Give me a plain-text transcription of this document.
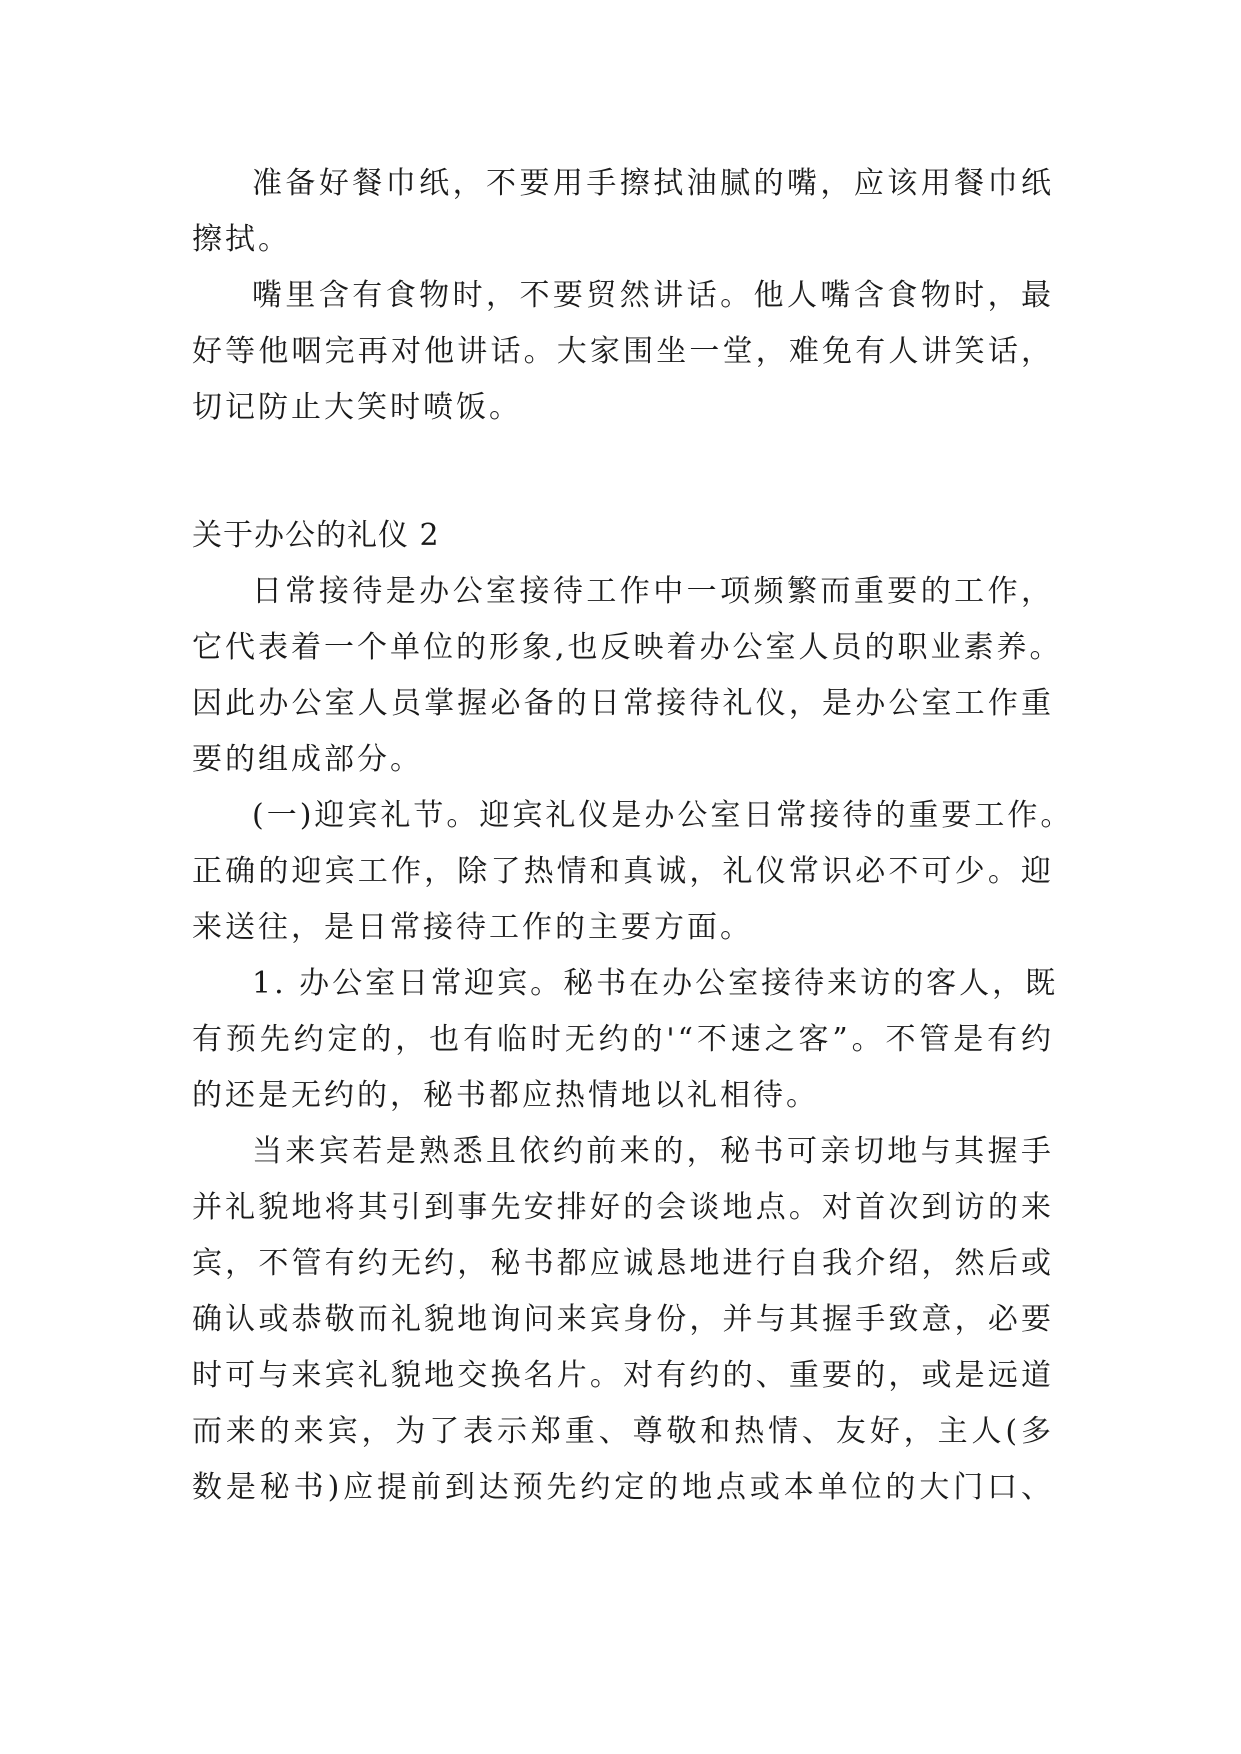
准备好餐巾纸，不要用手擦拭油腻的嘴，应该用餐巾纸
擦拭。
嘴里含有食物时，不要贸然讲话。他人嘴含食物时，最
好等他咽完再对他讲话。大家围坐一堂，难免有人讲笑话，
切记防止大笑时喷饭。
关于办公的礼仪 2
日常接待是办公室接待工作中一项频繁而重要的工作，
它代表着一个单位的形象,也反映着办公室人员的职业素养。
因此办公室人员掌握必备的日常接待礼仪，是办公室工作重
要的组成部分。
(一)迎宾礼节。迎宾礼仪是办公室日常接待的重要工作。
正确的迎宾工作，除了热情和真诚，礼仪常识必不可少。迎
来送往，是日常接待工作的主要方面。
1. 办公室日常迎宾。秘书在办公室接待来访的客人，既
有预先约定的，也有临时无约的'“不速之客”。不管是有约
的还是无约的，秘书都应热情地以礼相待。
当来宾若是熟悉且依约前来的，秘书可亲切地与其握手
并礼貌地将其引到事先安排好的会谈地点。对首次到访的来
宾，不管有约无约，秘书都应诚恳地进行自我介绍，然后或
确认或恭敬而礼貌地询问来宾身份，并与其握手致意，必要
时可与来宾礼貌地交换名片。对有约的、重要的，或是远道
而来的来宾，为了表示郑重、尊敬和热情、友好，主人(多
数是秘书)应提前到达预先约定的地点或本单位的大门口、
